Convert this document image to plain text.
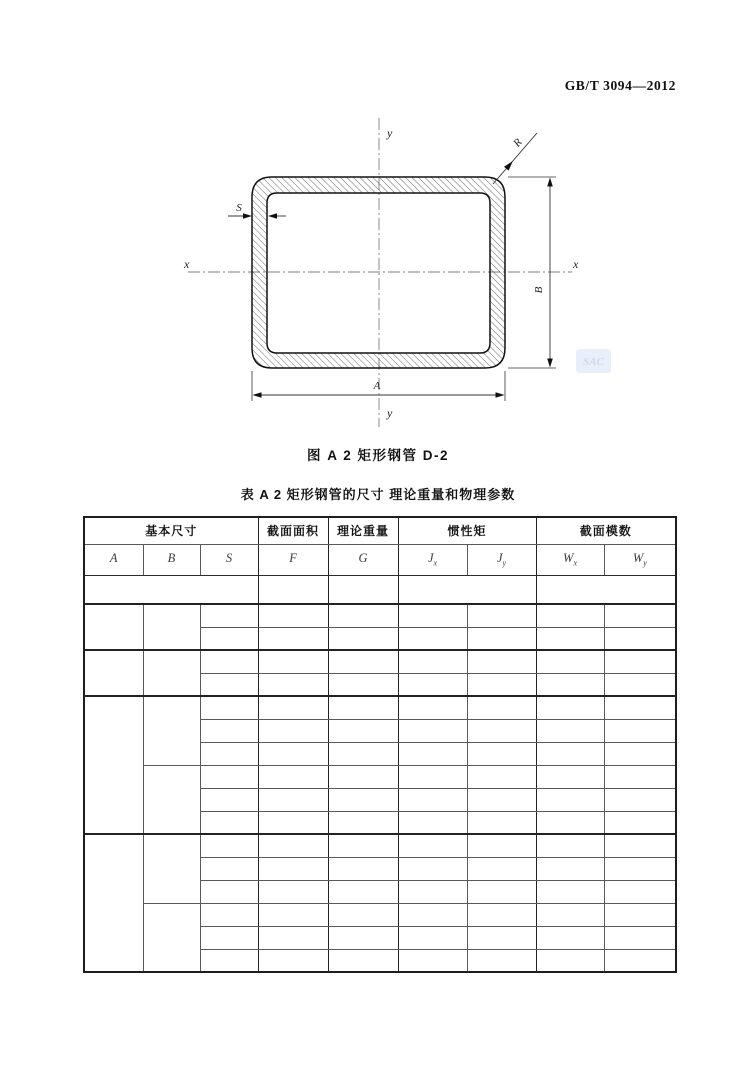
GB/T 3094—2012
y
y
x	x
R
S
B
A
SAC
图 A 2 矩形钢管 D-2
表 A 2 矩形钢管的尺寸 理论重量和物理参数
基本尺寸			截面面积	理论重量	惯性矩		截面模数	
A	B	S	F	G	$J_x$	$J_y$	$W_x$	$W_y$
